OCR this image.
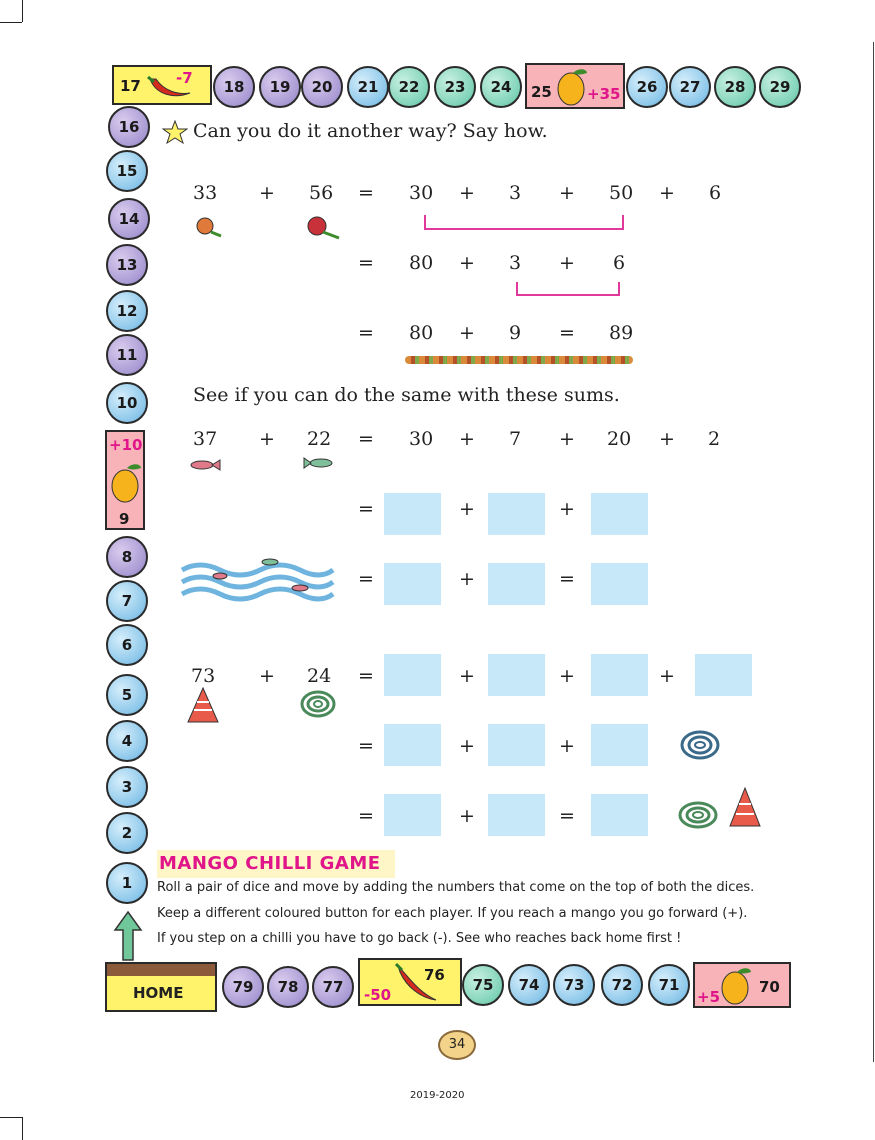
17 -7	18	19	20	21	22	23	24	25 +35	26	27	28	29
16
15
14
13
12
11
10
+10
9
8
7
6
5
4
3
2
1
HOME	79	78	77	-50
76
75	74	73	72	71
+5
70
Can you do it another way? Say how.
33 + 56 = 30 + 3 + 50 + 6
= 80 + 3 + 6
= 80 + 9 = 89
See if you can do the same with these sums.
37 + 22 = 30 + 7 + 20 + 2
=	+	+
=	+	=
73 + 24 =	+	+	+
=	+	+
=	+	=
MANGO CHILLI GAME
Roll a pair of dice and move by adding the numbers that come on the top of both the dices.
Keep a different coloured button for each player. If you reach a mango you go forward (+).
If you step on a chilli you have to go back (-). See who reaches back home first !
34
2019-2020
